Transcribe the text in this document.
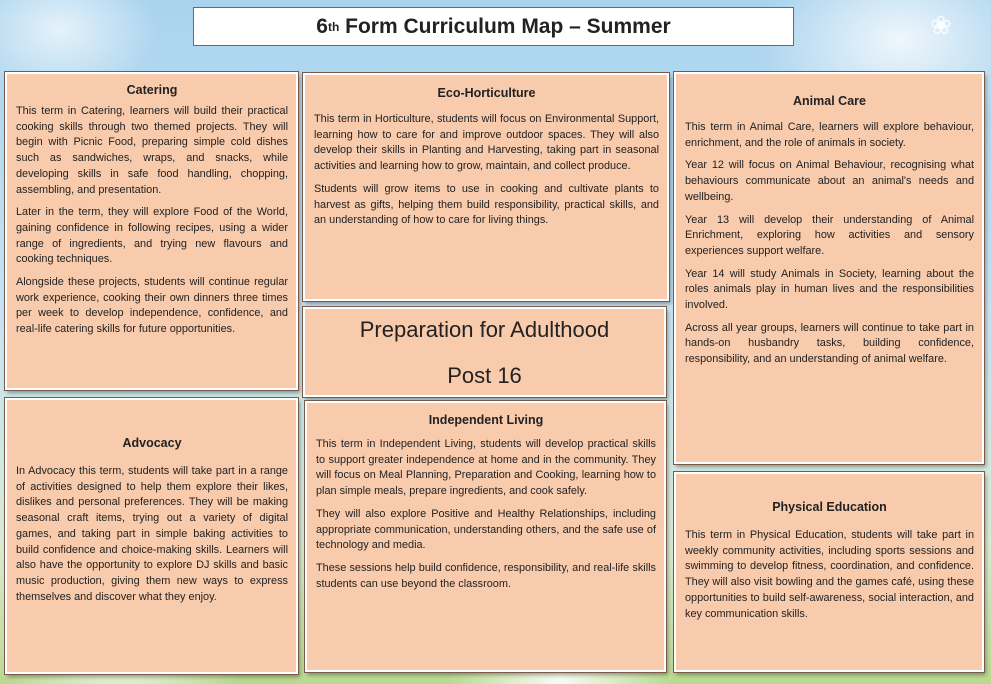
❀
6 th Form Curriculum Map – Summer
Catering

This term in Catering, learners will build their practical cooking skills through two themed projects. They will begin with Picnic Food, preparing simple cold dishes such as sandwiches, wraps, and snacks, while developing skills in safe food handling, chopping, assembling, and presentation.

Later in the term, they will explore Food of the World, gaining confidence in following recipes, using a wider range of ingredients, and trying new flavours and cooking techniques.

Alongside these projects, students will continue regular work experience, cooking their own dinners three times per week to develop independence, confidence, and real-life catering skills for future opportunities.

Eco-Horticulture

This term in Horticulture, students will focus on Environmental Support, learning how to care for and improve outdoor spaces. They will also develop their skills in Planting and Harvesting, taking part in seasonal activities and learning how to grow, maintain, and collect produce.

Students will grow items to use in cooking and cultivate plants to harvest as gifts, helping them build responsibility, practical skills, and an understanding of how to care for living things.

Animal Care

This term in Animal Care, learners will explore behaviour, enrichment, and the role of animals in society.

Year 12 will focus on Animal Behaviour, recognising what behaviours communicate about an animal's needs and wellbeing.

Year 13 will develop their understanding of Animal Enrichment, exploring how activities and sensory experiences support welfare.

Year 14 will study Animals in Society, learning about the roles animals play in human lives and the responsibilities involved.

Across all year groups, learners will continue to take part in hands-on husbandry tasks, building confidence, responsibility, and an understanding of animal welfare.

Preparation for Adulthood
Post 16
Advocacy

In Advocacy this term, students will take part in a range of activities designed to help them explore their likes, dislikes and personal preferences. They will be making seasonal craft items, trying out a variety of digital games, and taking part in simple baking activities to build confidence and choice-making skills. Learners will also have the opportunity to explore DJ skills and basic music production, giving them new ways to express themselves and discover what they enjoy.

Independent Living

This term in Independent Living, students will develop practical skills to support greater independence at home and in the community. They will focus on Meal Planning, Preparation and Cooking, learning how to plan simple meals, prepare ingredients, and cook safely.

They will also explore Positive and Healthy Relationships, including appropriate communication, understanding others, and the safe use of technology and media.

These sessions help build confidence, responsibility, and real-life skills students can use beyond the classroom.

Physical Education

This term in Physical Education, students will take part in weekly community activities, including sports sessions and swimming to develop fitness, coordination, and confidence. They will also visit bowling and the games café, using these opportunities to build self-awareness, social interaction, and key communication skills.
